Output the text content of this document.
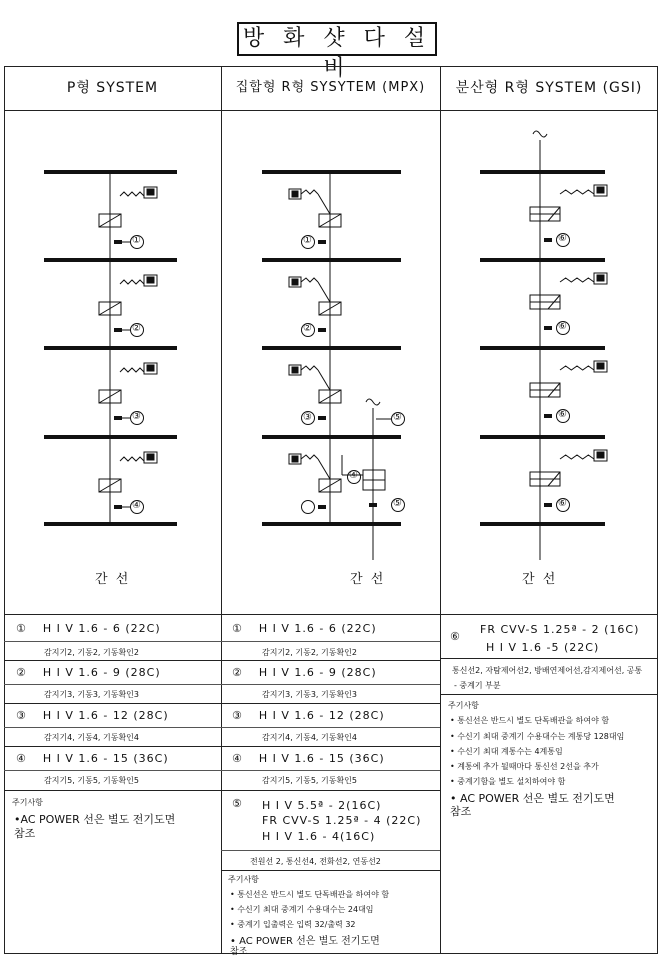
방 화 샷 다 설 비
P형 SYSTEM	집합형 R형 SYSYTEM (MPX)	분산형 R형 SYSTEM (GSI)
간 선	간 선	간 선
①
②
③
④
①
②
③
④
⑤
⑤
⑥
⑥
⑥
⑥
① H I V 1.6 - 6 (22C)
감지기2, 기동2, 기동확인2
② H I V 1.6 - 9 (28C)
감지기3, 기동3, 기동확인3
③ H I V 1.6 - 12 (28C)
감지기4, 기동4, 기동확인4
④ H I V 1.6 - 15 (36C)
감지기5, 기동5, 기동확인5
주기사항
•AC POWER 선은 별도 전기도면
참조
① H I V 1.6 - 6 (22C)
감지기2, 기동2, 기동확인2
② H I V 1.6 - 9 (28C)
감지기3, 기동3, 기동확인3
③ H I V 1.6 - 12 (28C)
감지기4, 기동4, 기동확인4
④ H I V 1.6 - 15 (36C)
감지기5, 기동5, 기동확인5
⑤ H I V 5.5ª - 2(16C)
FR CVV-S 1.25ª - 4 (22C)
H I V 1.6 - 4(16C)
전원선 2, 통신선4, 전화선2, 연동선2
주기사항
• 통신선은 반드시 별도 단독배관을 하여야 함
• 수신기 최대 중계기 수용대수는 24대임
• 중계기 입출력은 입력 32/출력 32
• AC POWER 선은 별도 전기도면
참조
⑥
FR CVV-S 1.25ª - 2 (16C)
H I V 1.6 -5 (22C)
통신선2, 자탐제어선2, 방배연제어선,감지제어선, 공통
- 중계기 부분
주기사항
• 통신선은 반드시 별도 단독배관을 하여야 함
• 수신기 최대 중계기 수용대수는 계통당 128대임
• 수신기 최대 계통수는 4계통임
• 계통에 추가 될때마다 통신선 2선을 추가
• 중계기함을 별도 설치하여야 함
• AC POWER 선은 별도 전기도면
참조
